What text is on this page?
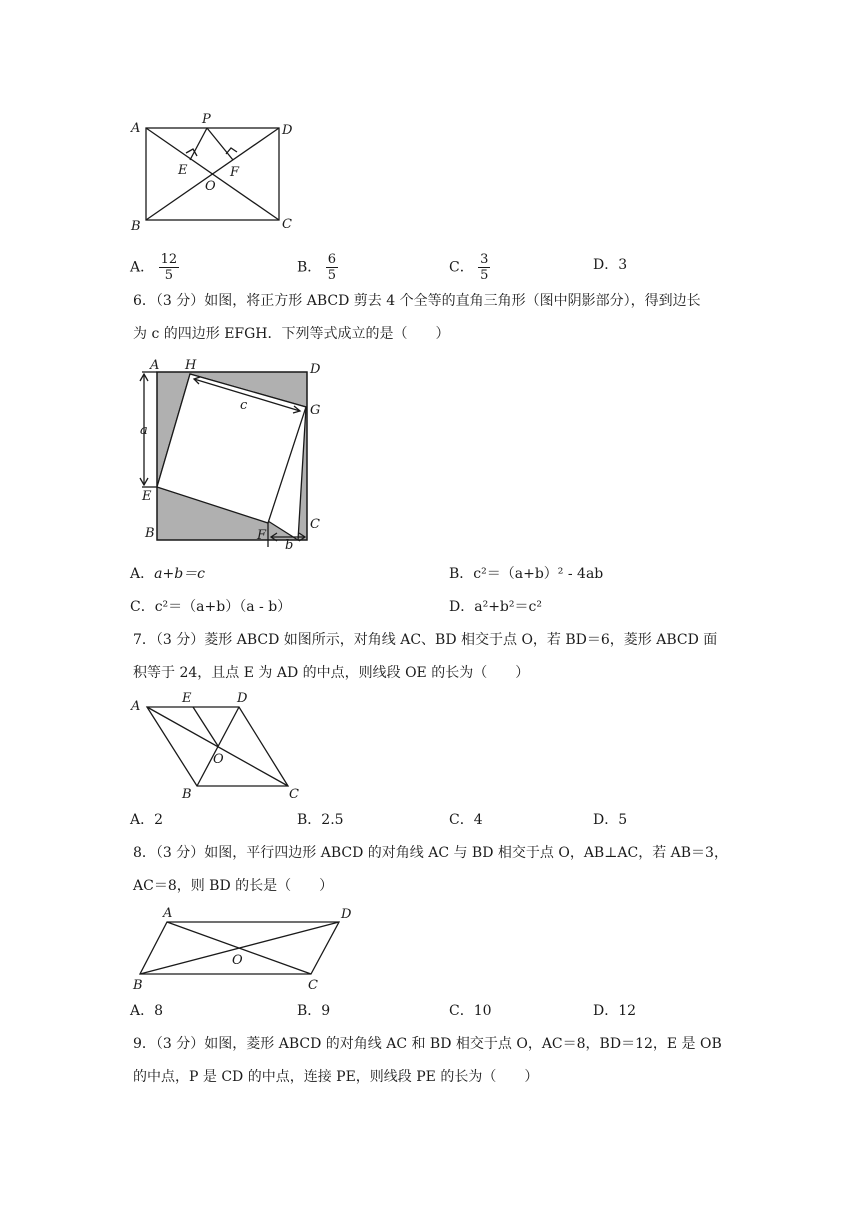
A
P
D
E	F
O
B	C
A． $\frac{12}{5}$	B． $\frac{6}{5}$	C． $\frac{3}{5}$	D．3
6．（3 分）如图，将正方形 ABCD 剪去 4 个全等的直角三角形（图中阴影部分），得到边长
为 c 的四边形 EFGH．下列等式成立的是（　　）
A H	D
G
c
a
E
B	F
C
b
A．a+b＝c	B．c²＝（a+b）² - 4ab
C．c²＝（a+b）（a - b）	D．a²+b²＝c²
7．（3 分）菱形 ABCD 如图所示，对角线 AC、BD 相交于点 O，若 BD＝6，菱形 ABCD 面
积等于 24，且点 E 为 AD 的中点，则线段 OE 的长为（　　）
A
E	D
O
B	C
A．2	B．2.5	C．4	D．5
8．（3 分）如图，平行四边形 ABCD 的对角线 AC 与 BD 相交于点 O，AB⊥AC，若 AB＝3，
AC＝8，则 BD 的长是（　　）
A	D
O
B	C
A．8	B．9	C．10	D．12
9．（3 分）如图，菱形 ABCD 的对角线 AC 和 BD 相交于点 O，AC＝8，BD＝12，E 是 OB
的中点，P 是 CD 的中点，连接 PE，则线段 PE 的长为（　　）
